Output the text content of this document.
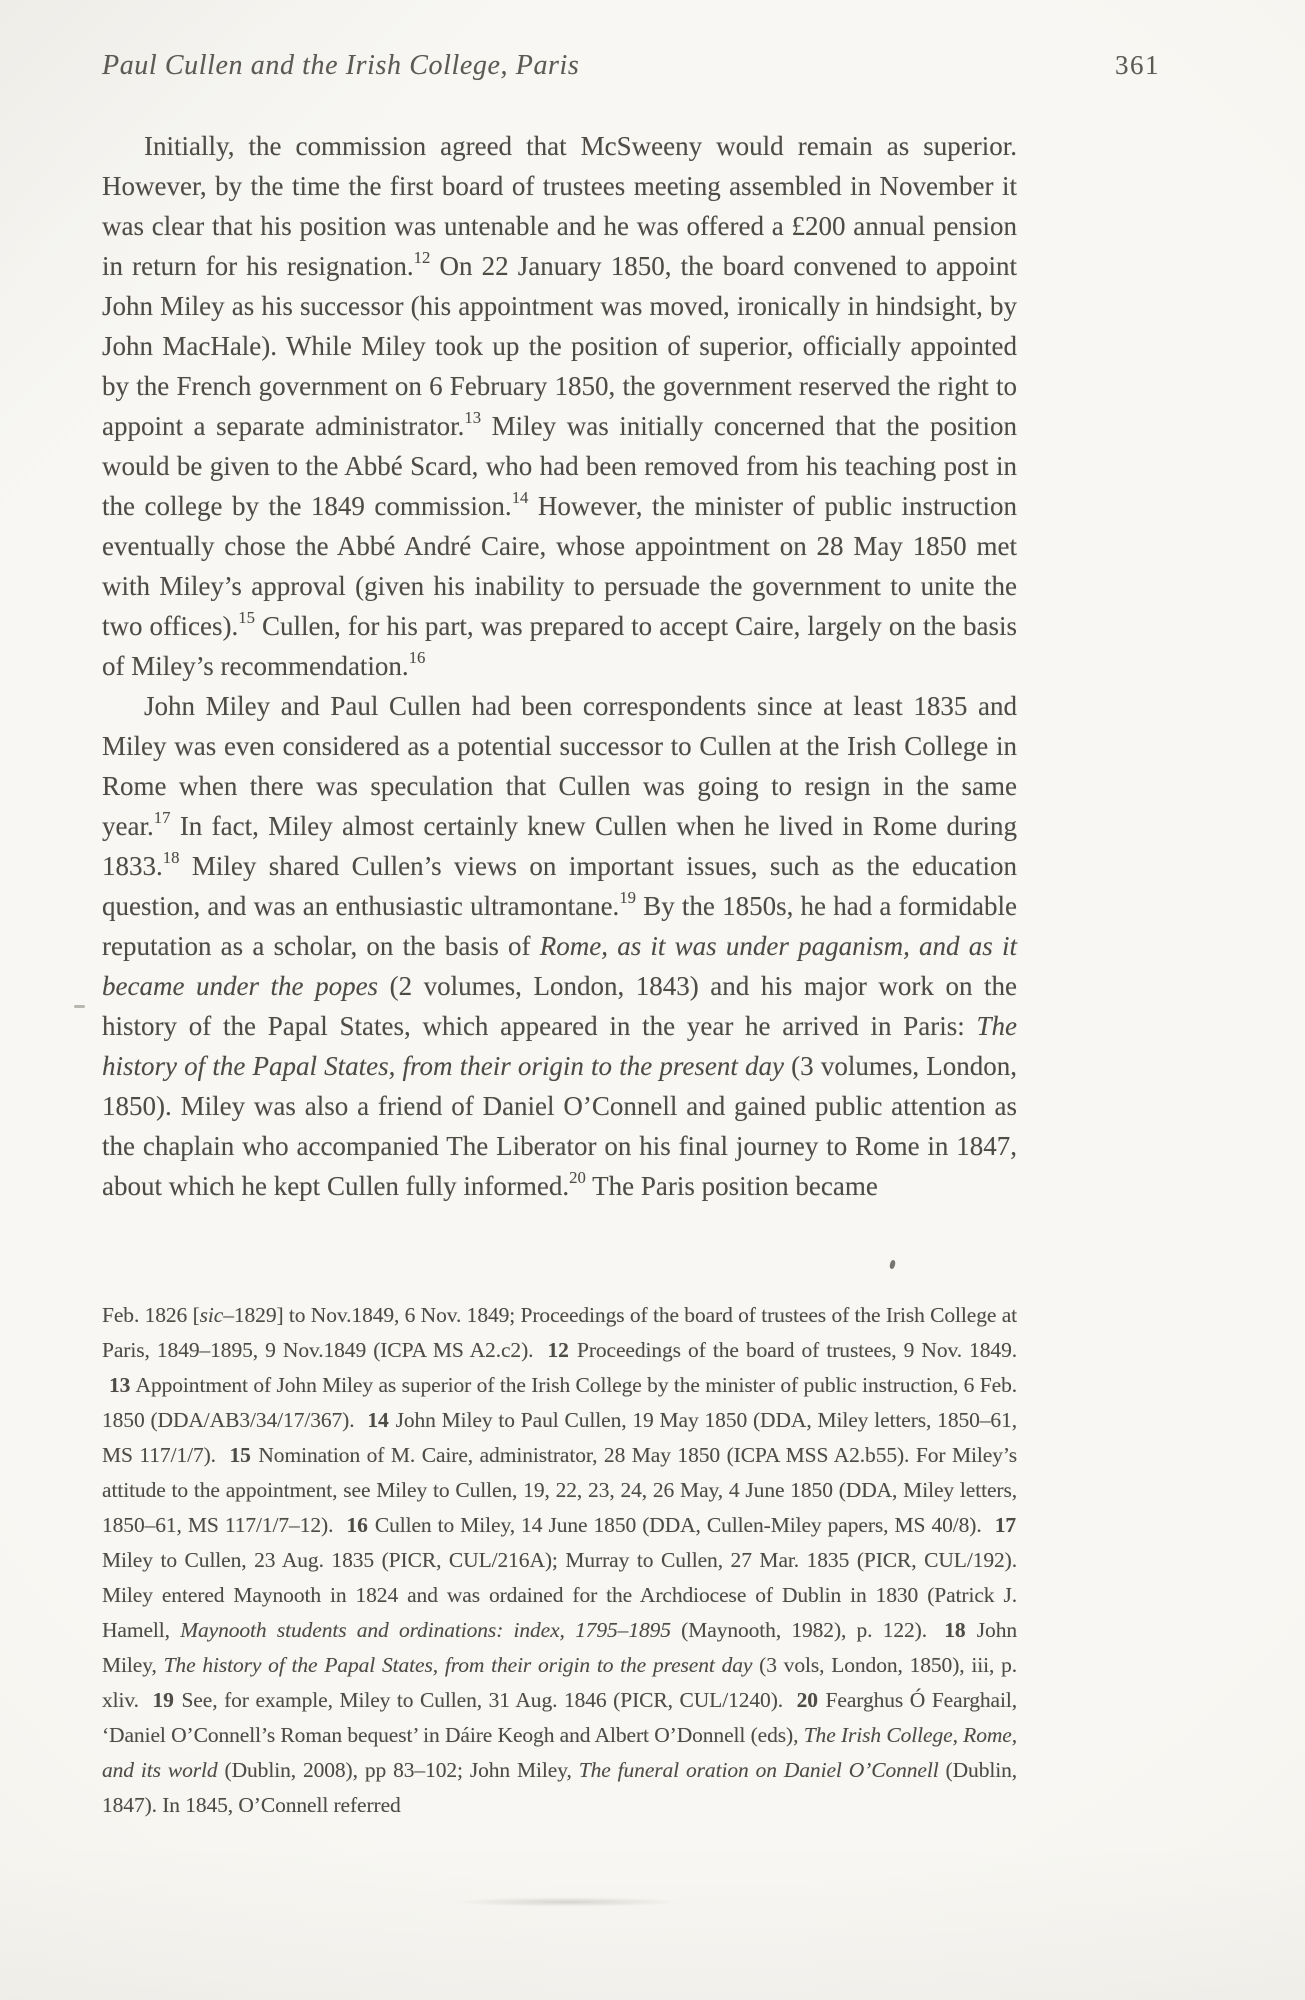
Paul Cullen and the Irish College, Paris	361

Initially, the commission agreed that McSweeny would remain as superior. However, by the time the first board of trustees meeting assembled in November it was clear that his position was untenable and he was offered a £200 annual pension in return for his resignation.$^{12}$ On 22 January 1850, the board convened to appoint John Miley as his successor (his appointment was moved, ironically in hindsight, by John MacHale). While Miley took up the position of superior, officially appointed by the French government on 6 February 1850, the government reserved the right to appoint a separate administrator.$^{13}$ Miley was initially concerned that the position would be given to the Abbé Scard, who had been removed from his teaching post in the college by the 1849 commission.$^{14}$ However, the minister of public instruction eventually chose the Abbé André Caire, whose appointment on 28 May 1850 met with Miley’s approval (given his inability to persuade the government to unite the two offices).$^{15}$ Cullen, for his part, was prepared to accept Caire, largely on the basis of Miley’s recommendation.$^{16}$

John Miley and Paul Cullen had been correspondents since at least 1835 and Miley was even considered as a potential successor to Cullen at the Irish College in Rome when there was speculation that Cullen was going to resign in the same year.$^{17}$ In fact, Miley almost certainly knew Cullen when he lived in Rome during 1833.18 Miley shared Cullen’s views on important issues, such as the education question, and was an enthusiastic ultramontane.$^{19}$ By the 1850s, he had a formidable reputation as a scholar, on the basis of Rome, as it was under paganism, and as it became under the popes (2 volumes, London, 1843) and his major work on the history of the Papal States, which appeared in the year he arrived in Paris: The history of the Papal States, from their origin to the present day (3 volumes, London, 1850). Miley was also a friend of Daniel O’Connell and gained public attention as the chaplain who accompanied The Liberator on his final journey to Rome in 1847, about which he kept Cullen fully informed.$^{20}$ The Paris position became

Feb. 1826 [sic–1829] to Nov.1849, 6 Nov. 1849; Proceedings of the board of trustees of the Irish College at Paris, 1849–1895, 9 Nov.1849 (ICPA MS A2.c2). 12 Proceedings of the board of trustees, 9 Nov. 1849. 13 Appointment of John Miley as superior of the Irish College by the minister of public instruction, 6 Feb. 1850 (DDA/AB3/34/17/367). 14 John Miley to Paul Cullen, 19 May 1850 (DDA, Miley letters, 1850–61, MS 117/1/7). 15 Nomination of M. Caire, administrator, 28 May 1850 (ICPA MSS A2.b55). For Miley’s attitude to the appointment, see Miley to Cullen, 19, 22, 23, 24, 26 May, 4 June 1850 (DDA, Miley letters, 1850–61, MS 117/1/7–12). 16 Cullen to Miley, 14 June 1850 (DDA, Cullen-Miley papers, MS 40/8). 17 Miley to Cullen, 23 Aug. 1835 (PICR, CUL/216A); Murray to Cullen, 27 Mar. 1835 (PICR, CUL/192). Miley entered Maynooth in 1824 and was ordained for the Archdiocese of Dublin in 1830 (Patrick J. Hamell, Maynooth students and ordinations: index, 1795–1895 (Maynooth, 1982), p. 122). 18 John Miley, The history of the Papal States, from their origin to the present day (3 vols, London, 1850), iii, p. xliv. 19 See, for example, Miley to Cullen, 31 Aug. 1846 (PICR, CUL/1240). 20 Fearghus Ó Fearghail, ‘Daniel O’Connell’s Roman bequest’ in Dáire Keogh and Albert O’Donnell (eds), The Irish College, Rome, and its world (Dublin, 2008), pp 83–102; John Miley, The funeral oration on Daniel O’Connell (Dublin, 1847). In 1845, O’Connell referred
